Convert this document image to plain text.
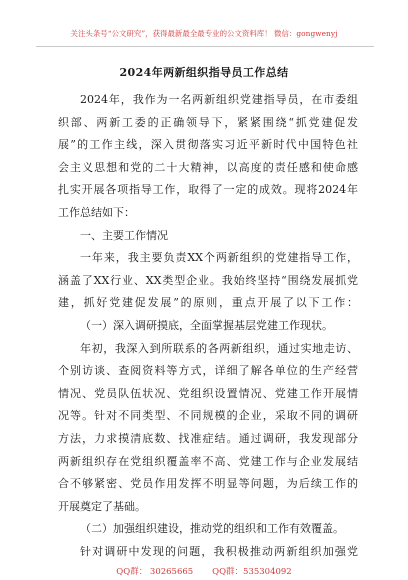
关注头条号“公文研究”，获得最新最全最专业的公文资料库！ 微信：gongwenyj
2024年两新组织指导员工作总结
2024年，我作为一名两新组织党建指导员，在市委组
织部、两新工委的正确领导下，紧紧围绕“抓党建促发
展”的工作主线，深入贯彻落实习近平新时代中国特色社
会主义思想和党的二十大精神，以高度的责任感和使命感
扎实开展各项指导工作，取得了一定的成效。现将2024年
工作总结如下：
一、主要工作情况
一年来，我主要负责XX个两新组织的党建指导工作，
涵盖了XX行业、XX类型企业。我始终坚持“围绕发展抓党
建，抓好党建促发展”的原则，重点开展了以下工作：
（一）深入调研摸底，全面掌握基层党建工作现状。
年初，我深入到所联系的各两新组织，通过实地走访、
个别访谈、查阅资料等方式，详细了解各单位的生产经营
情况、党员队伍状况、党组织设置情况、党建工作开展情
况等。针对不同类型、不同规模的企业，采取不同的调研
方法，力求摸清底数、找准症结。通过调研，我发现部分
两新组织存在党组织覆盖率不高、党建工作与企业发展结
合不够紧密、党员作用发挥不明显等问题，为后续工作的
开展奠定了基础。
（二）加强组织建设，推动党的组织和工作有效覆盖。
针对调研中发现的问题，我积极推动两新组织加强党
QQ群： 30265665 QQ群：535304092
